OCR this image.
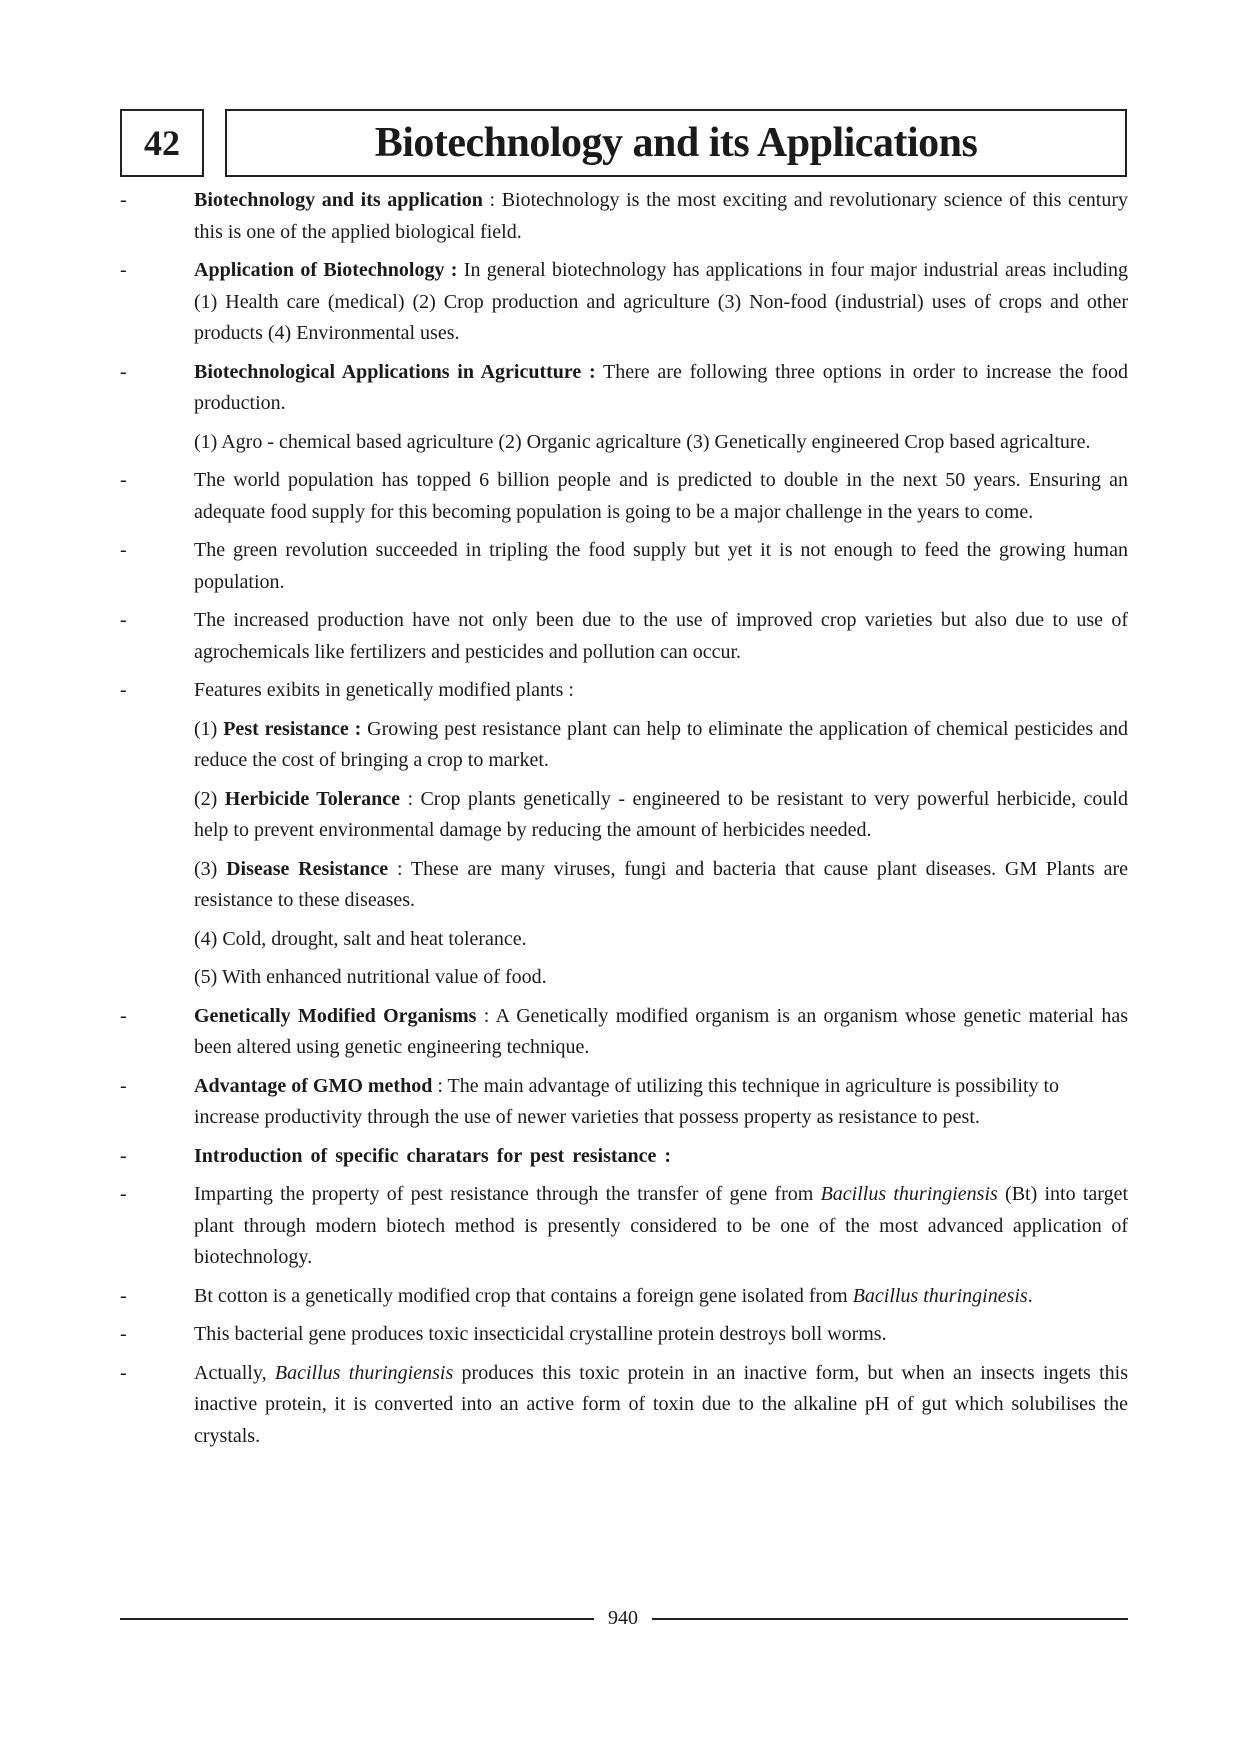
42	Biotechnology and its Applications
-	Biotechnology and its application : Biotechnology is the most exciting and revolutionary science of this century this is one of the applied biological field.
-	Application of Biotechnology : In general biotechnology has applications in four major industrial areas including (1) Health care (medical) (2) Crop production and agriculture (3) Non-food (industrial) uses of crops and other products (4) Environmental uses.
-	Biotechnological Applications in Agricutture : There are following three options in order to increase the food production.
(1) Agro - chemical based agriculture (2) Organic agricalture (3) Genetically engineered Crop based agricalture.
-	The world population has topped 6 billion people and is predicted to double in the next 50 years. Ensuring an adequate food supply for this becoming population is going to be a major challenge in the years to come.
-	The green revolution succeeded in tripling the food supply but yet it is not enough to feed the growing human population.
-	The increased production have not only been due to the use of improved crop varieties but also due to use of agrochemicals like fertilizers and pesticides and pollution can occur.
-	Features exibits in genetically modified plants :
(1) Pest resistance : Growing pest resistance plant can help to eliminate the application of chemical pesticides and reduce the cost of bringing a crop to market.
(2) Herbicide Tolerance : Crop plants genetically - engineered to be resistant to very powerful herbicide, could help to prevent environmental damage by reducing the amount of herbicides needed.
(3) Disease Resistance : These are many viruses, fungi and bacteria that cause plant diseases. GM Plants are resistance to these diseases.
(4) Cold, drought, salt and heat tolerance.
(5) With enhanced nutritional value of food.
-	Genetically Modified Organisms : A Genetically modified organism is an organism whose genetic material has been altered using genetic engineering technique.
-	Advantage of GMO method : The main advantage of utilizing this technique in agriculture is possibility to increase productivity through the use of newer varieties that possess property as resistance to pest.
-	Introduction of specific charatars for pest resistance :
-	Imparting the property of pest resistance through the transfer of gene from Bacillus thuringiensis (Bt) into target plant through modern biotech method is presently considered to be one of the most advanced application of biotechnology.
-	Bt cotton is a genetically modified crop that contains a foreign gene isolated from Bacillus thuringinesis.
-	This bacterial gene produces toxic insecticidal crystalline protein destroys boll worms.
-	Actually, Bacillus thuringiensis produces this toxic protein in an inactive form, but when an insects ingets this inactive protein, it is converted into an active form of toxin due to the alkaline pH of gut which solubilises the crystals.
940
